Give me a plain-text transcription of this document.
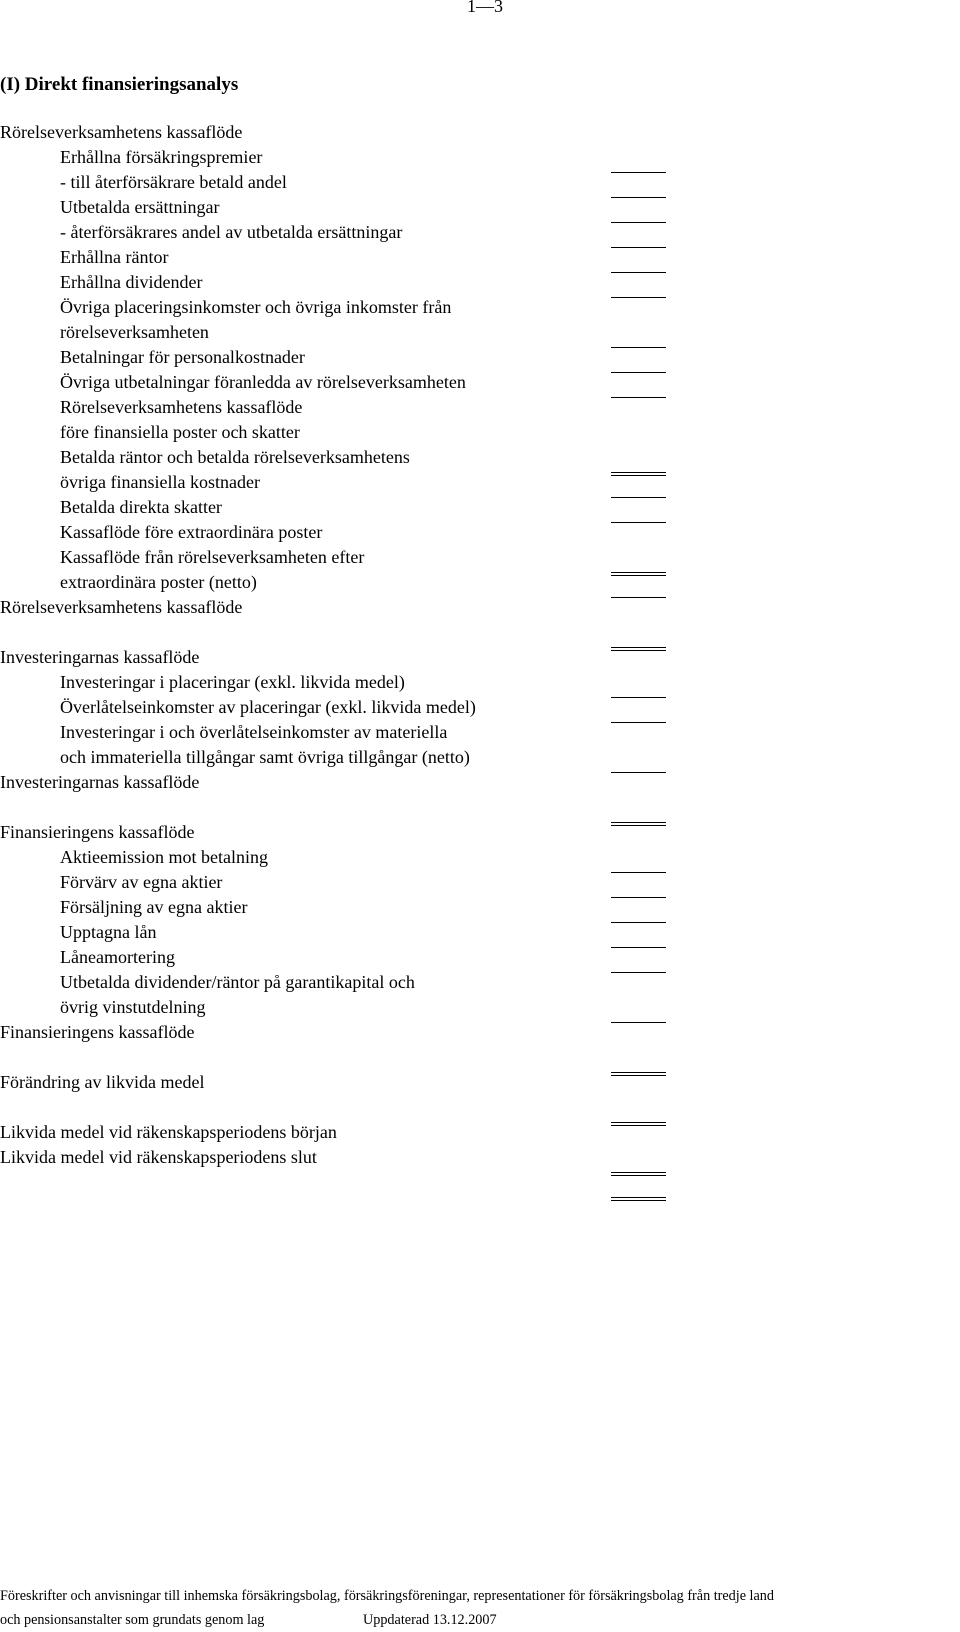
1—3
(I) Direkt finansieringsanalys
Rörelseverksamhetens kassaflöde
Erhållna försäkringspremier
- till återförsäkrare betald andel
Utbetalda ersättningar
- återförsäkrares andel av utbetalda ersättningar
Erhållna räntor
Erhållna dividender
Övriga placeringsinkomster och övriga inkomster från
rörelseverksamheten
Betalningar för personalkostnader
Övriga utbetalningar föranledda av rörelseverksamheten
Rörelseverksamhetens kassaflöde
före finansiella poster och skatter
Betalda räntor och betalda rörelseverksamhetens
övriga finansiella kostnader
Betalda direkta skatter
Kassaflöde före extraordinära poster
Kassaflöde från rörelseverksamheten efter
extraordinära poster (netto)
Rörelseverksamhetens kassaflöde
Investeringarnas kassaflöde
Investeringar i placeringar (exkl. likvida medel)
Överlåtelseinkomster av placeringar (exkl. likvida medel)
Investeringar i och överlåtelseinkomster av materiella
och immateriella tillgångar samt övriga tillgångar (netto)
Investeringarnas kassaflöde
Finansieringens kassaflöde
Aktieemission mot betalning
Förvärv av egna aktier
Försäljning av egna aktier
Upptagna lån
Låneamortering
Utbetalda dividender/räntor på garantikapital och
övrig vinstutdelning
Finansieringens kassaflöde
Förändring av likvida medel
Likvida medel vid räkenskapsperiodens början
Likvida medel vid räkenskapsperiodens slut
Föreskrifter och anvisningar till inhemska försäkringsbolag, försäkringsföreningar, representationer för försäkringsbolag från tredje land
och pensionsanstalter som grundats genom lag	Uppdaterad 13.12.2007
